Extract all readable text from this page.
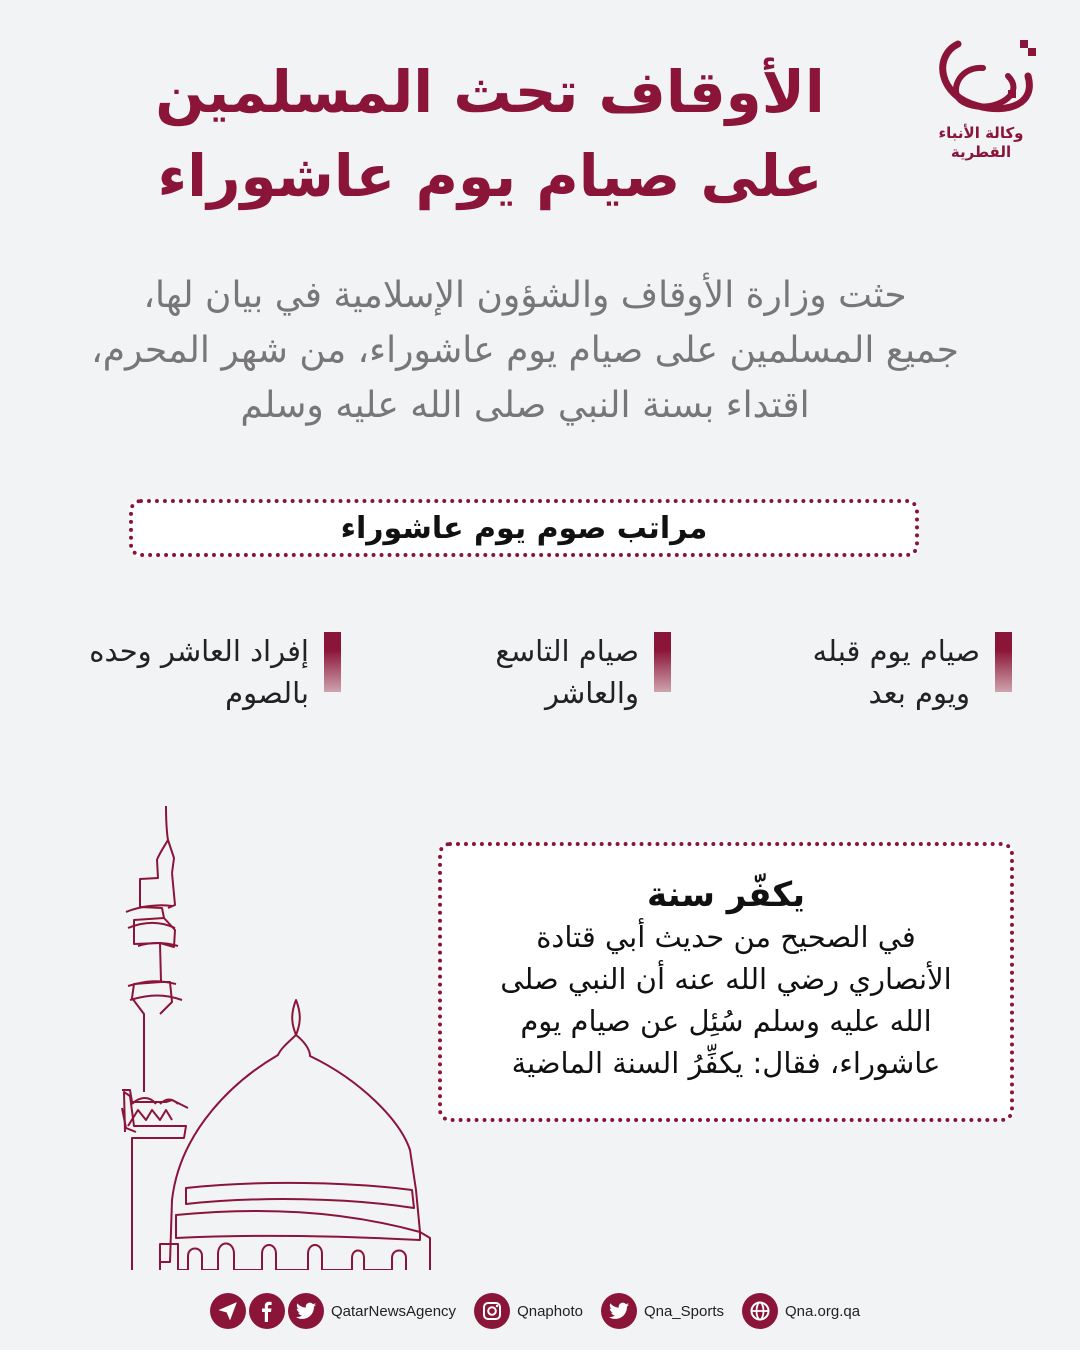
وكالة الأنباء
القطرية
الأوقاف تحث المسلمين
على صيام يوم عاشوراء
حثت وزارة الأوقاف والشؤون الإسلامية في بيان لها،
جميع المسلمين على صيام يوم عاشوراء، من شهر المحرم،
اقتداء بسنة النبي صلى الله عليه وسلم
مراتب صوم يوم عاشوراء
صيام يوم قبله
ويوم بعد
صيام التاسع
والعاشر
إفراد العاشر وحده
بالصوم
يكفّر سنة
في الصحيح من حديث أبي قتادة
الأنصاري رضي الله عنه أن النبي صلى
الله عليه وسلم سُئِل عن صيام يوم
عاشوراء، فقال: يكفِّرُ السنة الماضية
QatarNewsAgency	Qnaphoto	Qna_Sports	Qna.org.qa
